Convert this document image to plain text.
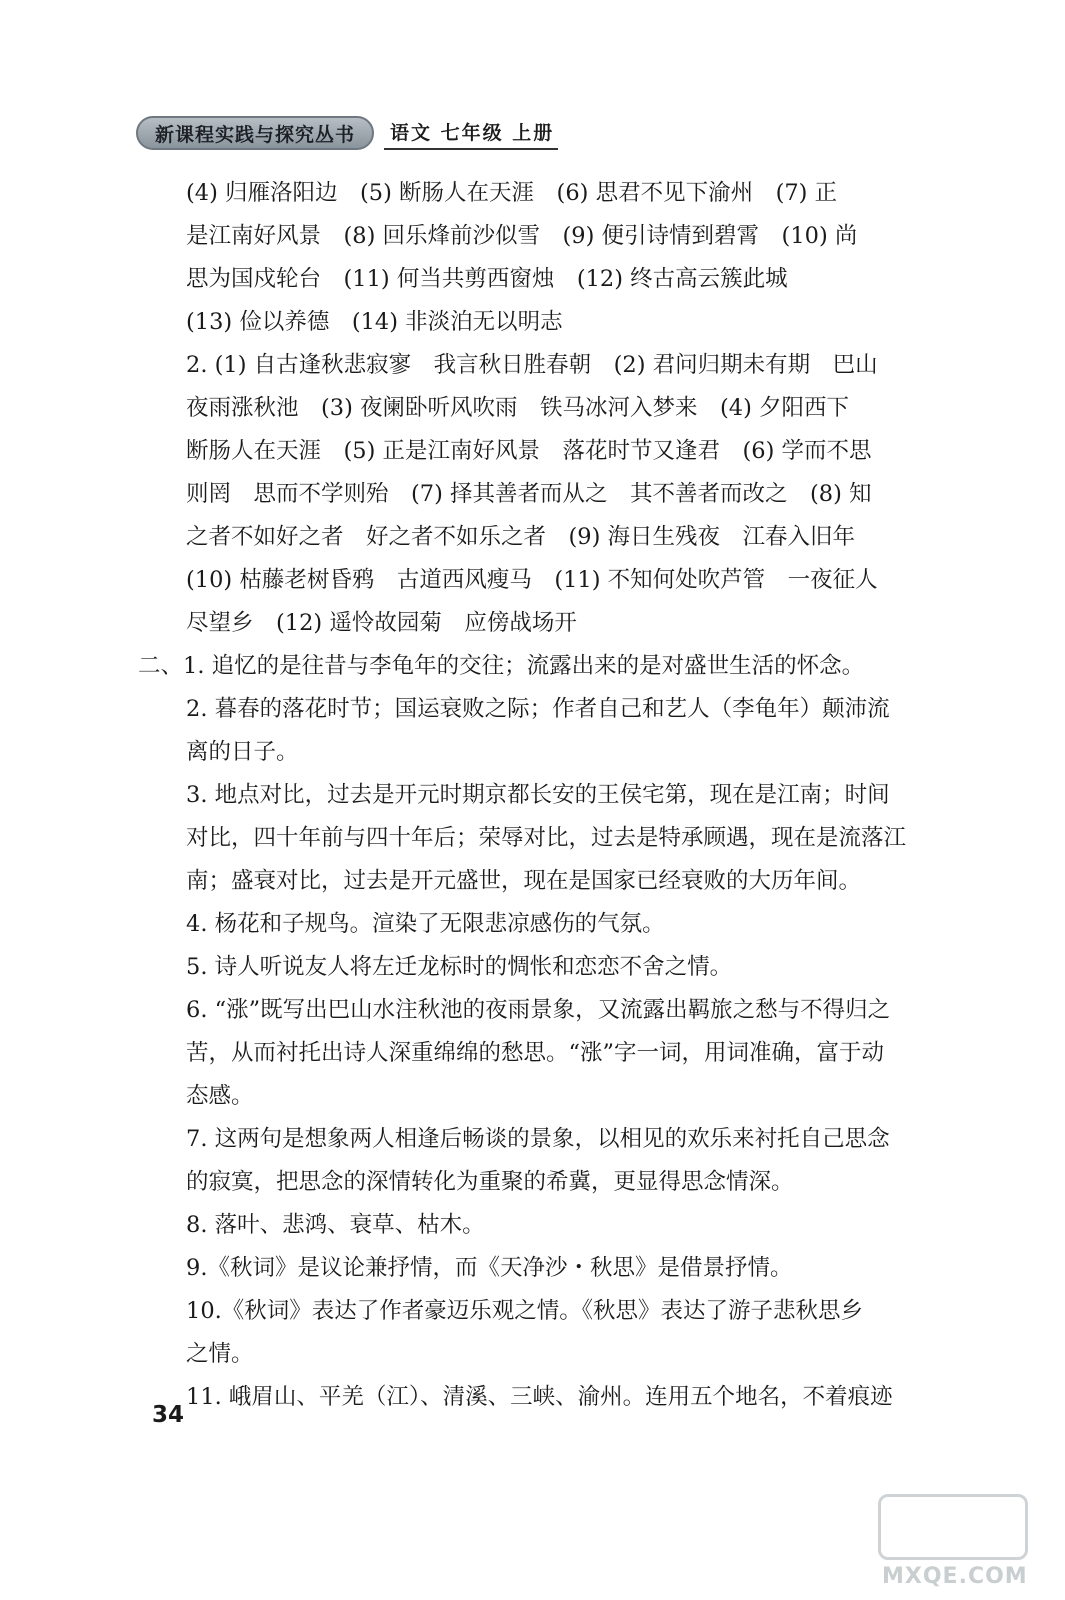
新课程实践与探究丛书	语文 七年级 上册
(4) 归雁洛阳边　(5) 断肠人在天涯　(6) 思君不见下渝州　(7) 正
是江南好风景　(8) 回乐烽前沙似雪　(9) 便引诗情到碧霄　(10) 尚
思为国戍轮台　(11) 何当共剪西窗烛　(12) 终古高云簇此城
(13) 俭以养德　(14) 非淡泊无以明志
2. (1) 自古逢秋悲寂寥　我言秋日胜春朝　(2) 君问归期未有期　巴山
夜雨涨秋池　(3) 夜阑卧听风吹雨　铁马冰河入梦来　(4) 夕阳西下
断肠人在天涯　(5) 正是江南好风景　落花时节又逢君　(6) 学而不思
则罔　思而不学则殆　(7) 择其善者而从之　其不善者而改之　(8) 知
之者不如好之者　好之者不如乐之者　(9) 海日生残夜　江春入旧年
(10) 枯藤老树昏鸦　古道西风瘦马　(11) 不知何处吹芦管　一夜征人
尽望乡　(12) 遥怜故园菊　应傍战场开
二、1. 追忆的是往昔与李龟年的交往；流露出来的是对盛世生活的怀念。
2. 暮春的落花时节；国运衰败之际；作者自己和艺人（李龟年）颠沛流
离的日子。
3. 地点对比，过去是开元时期京都长安的王侯宅第，现在是江南；时间
对比，四十年前与四十年后；荣辱对比，过去是特承顾遇，现在是流落江
南；盛衰对比，过去是开元盛世，现在是国家已经衰败的大历年间。
4. 杨花和子规鸟。渲染了无限悲凉感伤的气氛。
5. 诗人听说友人将左迁龙标时的惆怅和恋恋不舍之情。
6. “涨”既写出巴山水注秋池的夜雨景象，又流露出羁旅之愁与不得归之
苦，从而衬托出诗人深重绵绵的愁思。“涨”字一词，用词准确，富于动
态感。
7. 这两句是想象两人相逢后畅谈的景象，以相见的欢乐来衬托自己思念
的寂寞，把思念的深情转化为重聚的希冀，更显得思念情深。
8. 落叶、悲鸿、衰草、枯木。
9.《秋词》是议论兼抒情，而《天净沙・秋思》是借景抒情。
10.《秋词》表达了作者豪迈乐观之情。《秋思》表达了游子悲秋思乡
之情。
11. 峨眉山、平羌（江）、清溪、三峡、渝州。连用五个地名，不着痕迹
34
MXQE.COM
